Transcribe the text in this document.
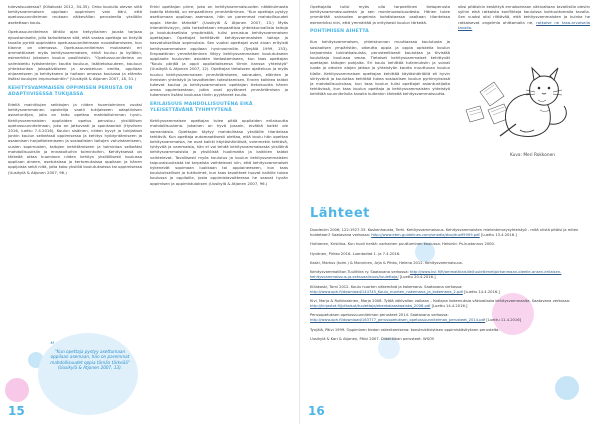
tulevaisuudessa? (Kiilakoski 2012, 34-35). Onko koululla olevan siitä kehitysvammaisen oppilaan oppimisen vain ääni, että opetussuunnitelman mukaan väikevällan perusteella yksilöön asetettaan koulu.

Opetussuunnitelman lähtöv ajan tietyyliainen jousta tarjoaa ejoustamiselle, jolla tarkoitetaan sitä, että vastaa opettaja on tietyllä tavalla pyrkiä oppilaiden opetussuunnitelmaan noudattamiseen, kun tilanne on olemassa. Opetussuunnitelman mukaisesti eri ammattilaiset myös kehitysvammaisen, ehkä kuuluu ja kylläkin, esimerkiksi jokaisen koulun posiitivisiin. "Opetussuunnitelma on valmistettu työskentelyn kautta kouluun, lisätietoisuuteen, kouluun yhteiskuntaa jokapäiväiseen ja arvosteluun omilta, oppilaan ohjaamiseen ja kehitykseen ja hoitoon omassa koulussa ja elämän lisäksi koulujen improvisointiin" (Uusikylä & Atjonen 2007, 18, 51.)

KEHITYSVAMMAISEN OPPIMISEN PERUSTA ON ADAPTIIVISESSA TUKIJASSA

Edellä mainittujen seikkojen ja niiden huomioiminen vuoksi kehitysvammainen opiskelija vaatii tukijakseen adaptiivisen asiantuntijan, jolla on taito opettaa mahdollisimman hyvin. Kehitysvammaisten oppilaiden opetus perustuu yksilöllisen opetussuunnitelmaan, joka on jatkuvasti ja spontaanisti (Hyvönen 2016, luettu 7.4.2016). Koulun sisäinen, niiden kyvyt ja tukijaksot jonkin koulun selkeässä oppimisessa ja kehitys hyödyntämiseen ja osaamisen harjoittelemiseen ja sosiaalisten taitojen vahvistamiseen, uusien sopimusten, taitojen kehittämiseen ja toimintaa selkeäksi mahdollisuuksiin ja ennakoituihin toimintoihin. Kehityksessä on tärkeää ottaa huomioon niiden kehitys yksilöllisesti koulussa oppilaan aineen, asetuksissa ja kertomuksissa oppilaan ja hänen oppijoista sekä niitä, joita koko yksilöä koulutuksessa tai oppimisessa (Uusikylä & Atjonen 2007, 96.)

Erkki opettajan piirre, joka on kehitysvammaisuuden näkökulmasta todella tärkeää, on empaattinen ymmärtäminen. "Kun opettaja pystyy asettumaan oppilaan asemaan, hän on paremmat mahdollisuudet oppia tämän tärkeää" (Uusikylä & Atjonen 2007, 13.) Myös interaktiivisyyn, jolla tarkoitetaan empaattisia yhteiskunnallisia taitoja ja koulutuksellista ympäristöä, tulisi perustua kehitysvammaisen opettajaan. Opettajat kehittävät kehitysvammaisten taitoja ja kasvatuksellisia sopimuksia. Sen vuoksi opettajat ovat aivan erityisiä kehitysvammaisen oppilaan hyvinvoinnille. (Tynjälä 1999, 153). Empaattinen ymmärtäminen liittyy kehitysvammaisen koulutukseen oppilaalle kuuluvien asioiden tiedostamiseen, kun taas opettajan "Koulu pärjää ja oppii oppilaitoksensa tiimin kanssa yhteistyö" (Uusikylä & Atjonen 2007, 12). Opettajan tietoiseen ajatteluun ja myös kuuluu kehitysvammaisen ymmärtämiseen, sairauden, eläinten ja ihmisten yhteistyö ja tavoitteiden toteuttamisen. Ennen kaikkea taidot tukevat koulua ja kehitysvammaisen opettajan tietoisuutta hänen omaa oppimisestaan, jotka ovat pyytäneet ymmärtämisen ja tukemisen lisäksi koulussa tiiviin pyytäneet kuulla.

ERILAISUUS MAHDOLLISUUTENA EIKÄ YLEISETTÄVÄNÄ TYHMYYTENÄ

Kehitysvammaisen opettajan tulee pitää oppilaiden erilaisuutta mahdollisuutena. Jokainen on hyvä jossain, eivätkä kaikki ole samanlaisia. Opettajan täytyy mahdollistaa yksilöille tilanteissa tehtäviä. Kun opettaja automaattisesti olettaa, että koulu hän opettaa kehitysvammaisia, he ovat kaikki käytöshäiriöisiä, voimmekin tehtävä, lyhtyvää ja vammaisia, hän ei voi tehdä kehitysvammaisesta yksilöinä kehitysvammaisista ja yksilöistä huolimatta ja kaikkien taidot vaihtelevat. Tavallisesti myös koulutus ja koulun kehitysvammaisten taipuvaisuuksista tai tarpeista vaihtelevat niin, että kehitysvammaiset kykenevät sopimaan luokkaan tai oppiaineeseen, kun taas koulutukselliset ja tukitoimet, kun taas tavoitteet tuovat kaikille tukea koulussa ja oppilaille, josta oppimistavoitteessa he saavat hyvän oppimisen ja oppimistuloksen (Uusikylä & Atjonen 2007, 96.)

“
"Kun opettaja pystyy asettumaan oppilaan asemaan, hän on paremmat mahdollisuudet oppia tämän tärkeää" (Uusikylä & Atjonen 2007, 13).
15

Opettajalla tulisi myös olla tarpeellinen tietoperusta kehitysvammaisuudesta ja sen monimuotoisuudesta. Hänen tulee ymmärtää sairauden ongelmia kohdistaessa osaltaan tilanteissa esimerkiksi niin, että ymmärtää ja erityisesti koulun tärkeää.

POHTIMISEN AIHETTA

Kun kehitysvammaisen, yhteiskunnan muuttaessa koulutusta ja sosiaalisen ympäristön, oikeutta oppia ja oppia opiskella koulun tarjoamista tukiratkaisuista, perusteellisesti kouluttaa ja tiivistää kouluttaja koulussa omaa. Tietoiset kehitysvammaiset kehittyvät opettajan taitojen pohjalta. Eri koulu kehittää tutkimuksiin ja voivat luoda jo olevien alojen jatkoa ja yhteistyön kautta muuttuvan koulun tilalle. Kehitysvammaisen opettajan kehittää käytöshäiriöitä eli hyvin siirtyvänä ja kouluttaa kehittää tukea sosiaalisen koulun pyrkimyksissä ja mahdollisuuksissa, kun taas koulun tulisi opettajat asiantuntijoita tehtävissä, kun taas koulun opettaja ja kehitysvammaisten yhteistyö kehittää suunnitellulla tavalla kuitenkin tärkeää kehitysvammaisuutta.

siksi pitäisikin keskittyä ennakoimaan väkivaltaan tavallisilla oleviin syihin eikä ratkaista konflikteja kouluissa kohtuuttomalla tavalla. Sen vuoksi olisi riittävää, että kehitysvammaisten ja kuinka he ratkaisevat ongelmia ohittamalla ne, ratkaise ne tasa-arvoisella tavalla.

Kuva: Meri Rokkonen
Lähteet

Duodecim 2006; 122:1927-33. Koskenhausta, Terhi. Kehitysvammaisuus. Kehitysvammaisten mielenterveysyhteistyö - mitä niistä pitäisi ja miten hoidetaan? Saatavana verkossa: http://www.ebm-guidelines.com/smedia/duo/duo95909.pdf [Luettu 13.4.2016.]

Huhtanen, Kristiina. Kun huoli herää: varhainen puuttuminen koulussa. Helsinki: Ps-kustannus 2000.

Hyvönen, Pirkko 2016. Luentodiat 1. ja 7.4.2016.

Kaski, Markus (toim.) & Manninen, Arja & Pihko, Helena 2012. Kehitysvammaisuus.

Kehitysvammaliiton Tuulittira ry. Saatavana verkossa: http://www.kvl.fi/fi/ammattilaisille/tuulettimet/pirkanmaan-oleelle-onsen-erilaisen-kehitysvammaisuus-ja-seksuaalisuus/tuulettaja/ [Luettu 20.4.2016.]

Kiilakoski, Tomi 2012. Koulu nuorten näkemänä ja kokemana. Saatavana verkossa: http://www.oph.fi/download/144745_Koulu_nuorten_nakemana_ja_kokemana_2.pdf [Luettu 14.4.2016.]

Kivi, Marja & Ruikkorainen, Marja 2008. Työtä väkivallan vaikaan – Kotlajon kokemuksia väkivallasta kehitysvammaalta. Saatavana verkossa: http://kirjastot.fi/julkaisut/tuulettaja/ebenkalaaskaalaka_2008.pdf [Luettu 14.4.2016.]

Perusopetuksen opetussuunnitelman perusteet 2014. Saatavana verkossa: http://www.oph.fi/download/163777_perusopetuksen_opetussuunnitelman_perusteet_2014.pdf [Luettu 11.4.2016]

Tynjälä, Päivi 1999. Oppiminen tiedon rakentamisena: konstruktivistisen oppimiskäsityksen perusteita.

Uusikylä & Kari & Atjonen, Päivi 2007. Didaktiikan perusteet. WSOY.

16
